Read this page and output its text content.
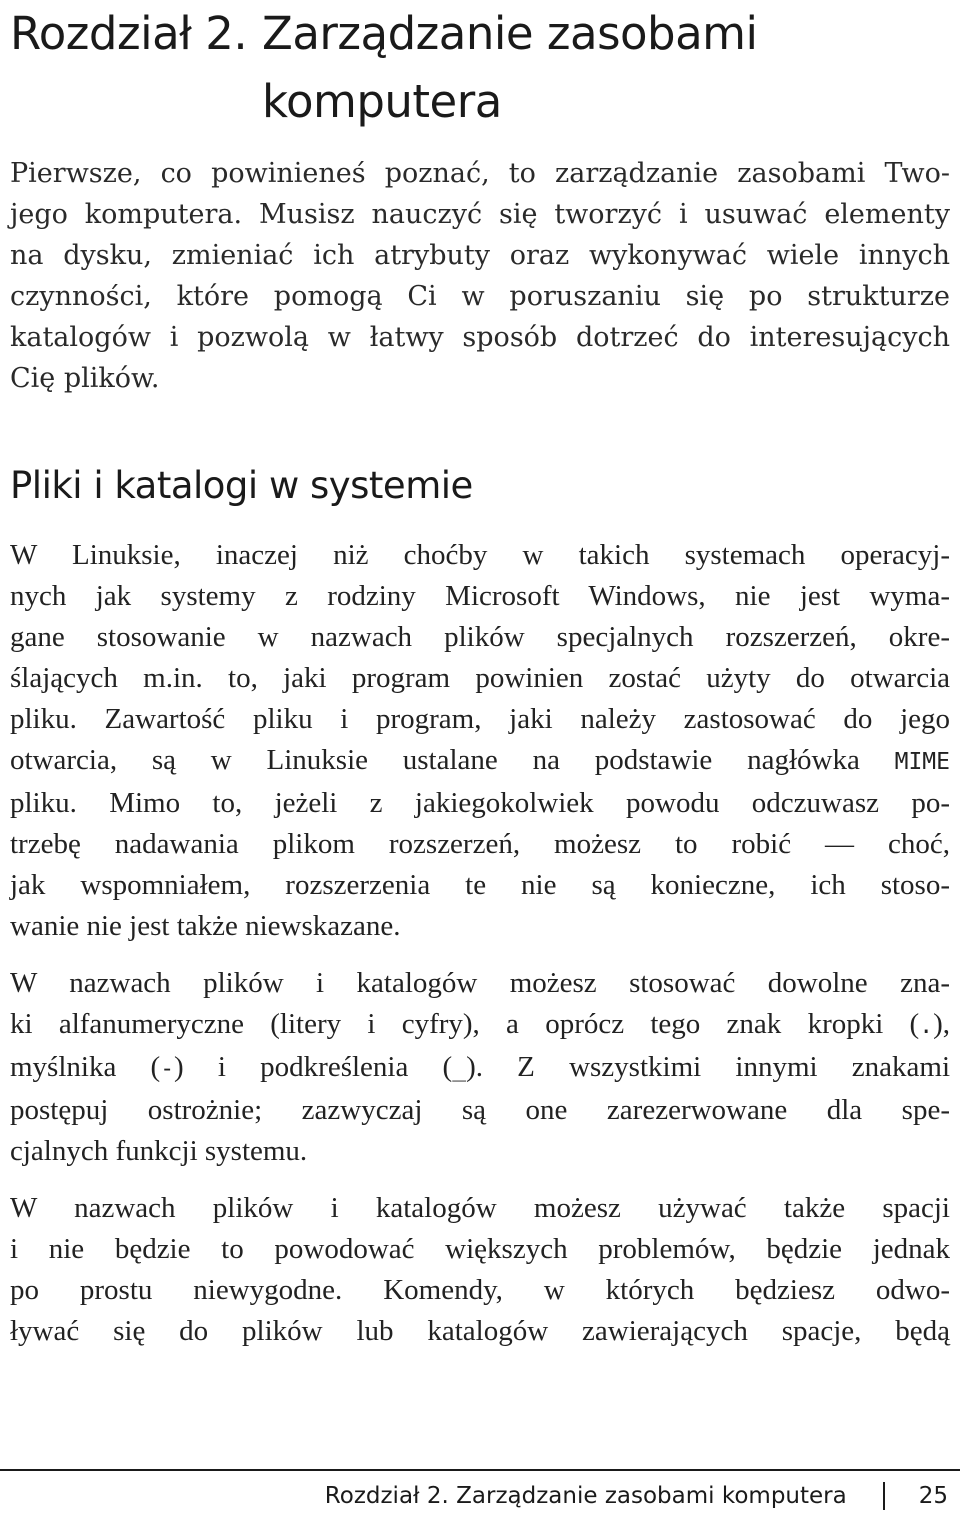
Rozdział 2. Zarządzanie zasobami
komputera

Pierwsze, co powinieneś poznać, to zarządzanie zasobami Two-
jego komputera. Musisz nauczyć się tworzyć i usuwać elementy
na dysku, zmieniać ich atrybuty oraz wykonywać wiele innych
czynności, które pomogą Ci w poruszaniu się po strukturze
katalogów i pozwolą w łatwy sposób dotrzeć do interesujących
Cię plików.

Pliki i katalogi w systemie

W Linuksie, inaczej niż choćby w takich systemach operacyj-
nych jak systemy z rodziny Microsoft Windows, nie jest wyma-
gane stosowanie w nazwach plików specjalnych rozszerzeń, okre-
ślających m.in. to, jaki program powinien zostać użyty do otwarcia
pliku. Zawartość pliku i program, jaki należy zastosować do jego
otwarcia, są w Linuksie ustalane na podstawie nagłówka MIME
pliku. Mimo to, jeżeli z jakiegokolwiek powodu odczuwasz po-
trzebę nadawania plikom rozszerzeń, możesz to robić — choć,
jak wspomniałem, rozszerzenia te nie są konieczne, ich stoso-
wanie nie jest także niewskazane.

W nazwach plików i katalogów możesz stosować dowolne zna-
ki alfanumeryczne (litery i cyfry), a oprócz tego znak kropki (.),
myślnika (-) i podkreślenia (_). Z wszystkimi innymi znakami
postępuj ostrożnie; zazwyczaj są one zarezerwowane dla spe-
cjalnych funkcji systemu.

W nazwach plików i katalogów możesz używać także spacji
i nie będzie to powodować większych problemów, będzie jednak
po prostu niewygodne. Komendy, w których będziesz odwo-
ływać się do plików lub katalogów zawierających spacje, będą

Rozdział 2. Zarządzanie zasobami komputera	25
